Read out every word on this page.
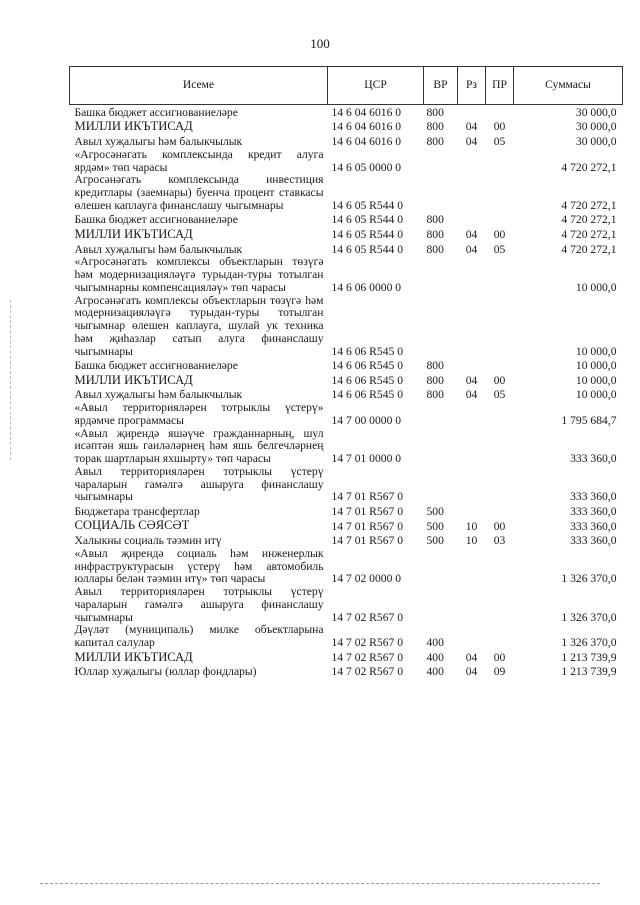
100
Исеме	ЦСР	ВР	Рз	ПР	Суммасы
Башка бюджет ассигнованиеләре	14 6 04 6016 0	800			30 000,0
МИЛЛИ ИКЪТИСАД	14 6 04 6016 0	800	04	00	30 000,0
Авыл хуҗалыгы һәм балыкчылык	14 6 04 6016 0	800	04	05	30 000,0
«Агросәнәгать комплексында кредит алуга ярдәм» төп чарасы	14 6 05 0000 0				4 720 272,1
Агросәнәгать комплексында инвестиция кредитлары (заемнары) буенча процент ставкасы өлешен каплауга финанслашу чыгымнары	14 6 05 R544 0				4 720 272,1
Башка бюджет ассигнованиеләре	14 6 05 R544 0	800			4 720 272,1
МИЛЛИ ИКЪТИСАД	14 6 05 R544 0	800	04	00	4 720 272,1
Авыл хуҗалыгы һәм балыкчылык	14 6 05 R544 0	800	04	05	4 720 272,1
«Агросәнәгать комплексы объектларын төзүгә һәм модернизацияләүгә турыдан-туры тотылган чыгымнарны компенсацияләү» төп чарасы	14 6 06 0000 0				10 000,0
Агросәнәгать комплексы объектларын төзүгә һәм модернизацияләүгә турыдан-туры тотылган чыгымнар өлешен каплауга, шулай ук техника һәм җиһазлар сатып алуга финанслашу чыгымнары	14 6 06 R545 0				10 000,0
Башка бюджет ассигнованиеләре	14 6 06 R545 0	800			10 000,0
МИЛЛИ ИКЪТИСАД	14 6 06 R545 0	800	04	00	10 000,0
Авыл хуҗалыгы һәм балыкчылык	14 6 06 R545 0	800	04	05	10 000,0
«Авыл территорияләрен тотрыклы үстерү» ярдәмче программасы	14 7 00 0000 0				1 795 684,7
«Авыл җирендә яшәүче гражданнарның, шул исәптән яшь гаиләләрнең һәм яшь белгечләрнең торак шартларын яхшырту» төп чарасы	14 7 01 0000 0				333 360,0
Авыл территорияләрен тотрыклы үстерү чараларын гамәлгә ашыруга финанслашу чыгымнары	14 7 01 R567 0				333 360,0
Бюджетара трансфертлар	14 7 01 R567 0	500			333 360,0
СОЦИАЛЬ СӘЯСӘТ	14 7 01 R567 0	500	10	00	333 360,0
Халыкны социаль тәэмин итү	14 7 01 R567 0	500	10	03	333 360,0
«Авыл җирендә социаль һәм инженерлык инфраструктурасын үстерү һәм автомобиль юллары белән тәэмин итү» төп чарасы	14 7 02 0000 0				1 326 370,0
Авыл территорияләрен тотрыклы үстерү чараларын гамәлгә ашыруга финанслашу чыгымнары	14 7 02 R567 0				1 326 370,0
Дәүләт (муниципаль) милке объектларына капитал салулар	14 7 02 R567 0	400			1 326 370,0
МИЛЛИ ИКЪТИСАД	14 7 02 R567 0	400	04	00	1 213 739,9
Юллар хуҗалыгы (юллар фондлары)	14 7 02 R567 0	400	04	09	1 213 739,9
